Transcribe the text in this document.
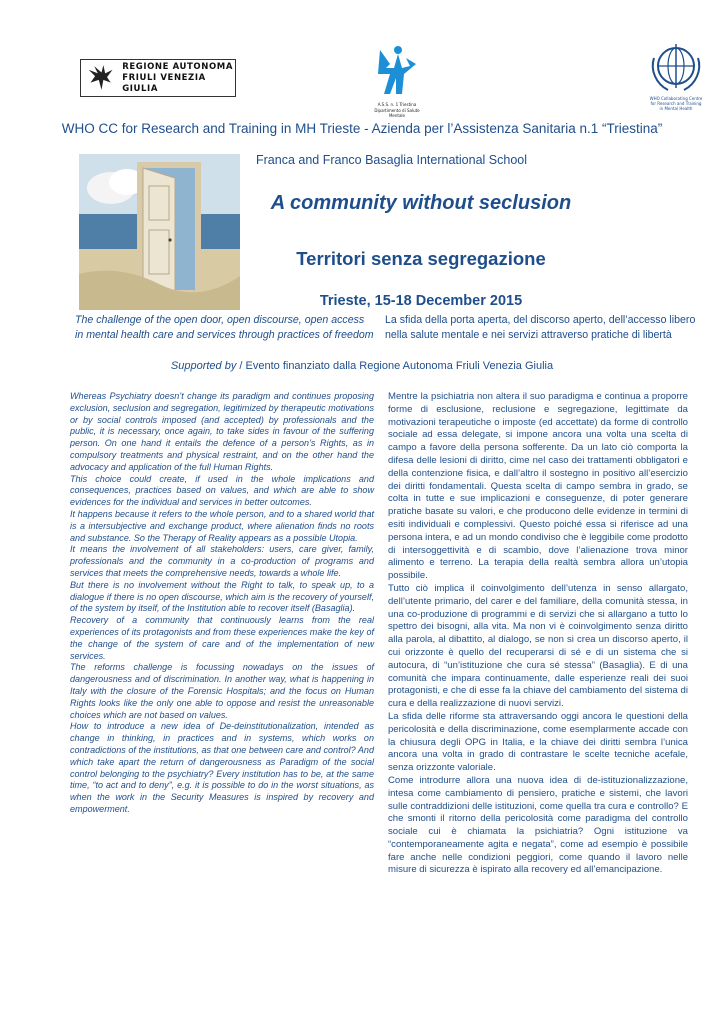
REGIONE AUTONOMA
FRIULI VENEZIA GIULIA
A.S.S. n. 1 Triestina
Dipartimento di Salute Mentale
WHO Collaborating Centre
for Research and Training
in Mental Health
WHO CC for Research and Training in MH Trieste - Azienda per l’Assistenza Sanitaria n.1 “Triestina”
Franca and Franco Basaglia International School
A community without seclusion
Territori senza segregazione
Trieste, 15-18 December 2015
The challenge of the open door, open discourse, open access in mental health care and services through practices of freedom
La sfida della porta aperta, del discorso aperto, dell’accesso libero nella salute mentale e nei servizi attraverso pratiche di libertà
Supported by / Evento finanziato dalla Regione Autonoma Friuli Venezia Giulia

Whereas Psychiatry doesn’t change its paradigm and continues proposing exclusion, seclusion and segregation, legitimized by therapeutic motivations or by social controls imposed (and accepted) by professionals and the public, it is necessary, once again, to take sides in favour of the suffering person. On one hand it entails the defence of a person’s Rights, as in compulsory treatments and physical restraint, and on the other hand the advocacy and application of the full Human Rights.

This choice could create, if used in the whole implications and consequences, practices based on values, and which are able to show evidences for the individual and services in better outcomes.

It happens because it refers to the whole person, and to a shared world that is a intersubjective and exchange product, where alienation finds no roots and substance. So the Therapy of Reality appears as a possible Utopia.

It means the involvement of all stakeholders: users, care giver, family, professionals and the community in a co-production of programs and services that meets the comprehensive needs, towards a whole life.

But there is no involvement without the Right to talk, to speak up, to a dialogue if there is no open discourse, which aim is the recovery of yourself, of the system by itself, of the Institution able to recover itself (Basaglia).

Recovery of a community that continuously learns from the real experiences of its protagonists and from these experiences make the key of the change of the system of care and of the implementation of new services.

The reforms challenge is focussing nowadays on the issues of dangerousness and of discrimination. In another way, what is happening in Italy with the closure of the Forensic Hospitals; and the focus on Human Rights looks like the only one able to oppose and resist the unreasonable choices which are not based on values.

How to introduce a new idea of De-deinstitutionalization, intended as change in thinking, in practices and in systems, which works on contradictions of the institutions, as that one between care and control? And which take apart the return of dangerousness as Paradigm of the social control belonging to the psychiatry? Every institution has to be, at the same time, “to act and to deny”, e.g. it is possible to do in the worst situations, as when the work in the Security Measures is inspired by recovery and empowerment.

Mentre la psichiatria non altera il suo paradigma e continua a proporre forme di esclusione, reclusione e segregazione, legittimate da motivazioni terapeutiche o imposte (ed accettate) da forme di controllo sociale ad essa delegate, si impone ancora una volta una scelta di campo a favore della persona sofferente. Da un lato ciò comporta la difesa delle lesioni di diritto, cime nel caso dei trattamenti obbligatori e della contenzione fisica, e dall’altro il sostegno in positivo all’esercizio dei diritti fondamentali. Questa scelta di campo sembra in grado, se colta in tutte e sue implicazioni e conseguenze, di poter generare pratiche basate su valori, e che producono delle evidenze in termini di esiti individuali e complessivi. Questo poiché essa si riferisce ad una persona intera, e ad un mondo condiviso che è leggibile come prodotto di intersoggettività e di scambio, dove l’alienazione trova minor alimento e terreno. La terapia della realtà sembra allora un’utopia possibile.

Tutto ciò implica il coinvolgimento dell’utenza in senso allargato, dell’utente primario, del carer e del familiare, della comunità stessa, in una co-produzione di programmi e di servizi che si allargano a tutto lo spettro dei bisogni, alla vita. Ma non vi è coinvolgimento senza diritto alla parola, al dibattito, al dialogo, se non si crea un discorso aperto, il cui orizzonte è quello del recuperarsi di sé e di un sistema che si autocura, di “un’istituzione che cura sé stessa” (Basaglia). E di una comunità che impara continuamente, dalle esperienze reali dei suoi protagonisti, e che di esse fa la chiave del cambiamento del sistema di cura e della realizzazione di nuovi servizi.

La sfida delle riforme sta attraversando oggi ancora le questioni della pericolosità e della discriminazione, come esemplarmente accade con la chiusura degli OPG in Italia, e la chiave dei diritti sembra l’unica ancora una volta in grado di contrastare le scelte tecniche acefale, senza orizzonte valoriale.

Come introdurre allora una nuova idea di de-istituzionalizzazione, intesa come cambiamento di pensiero, pratiche e sistemi, che lavori sulle contraddizioni delle istituzioni, come quella tra cura e controllo? E che smonti il ritorno della pericolosità come paradigma del controllo sociale cui è chiamata la psichiatria? Ogni istituzione va “contemporaneamente agita e negata”, come ad esempio è possibile fare anche nelle condizioni peggiori, come quando il lavoro nelle misure di sicurezza è ispirato alla recovery ed all’emancipazione.
